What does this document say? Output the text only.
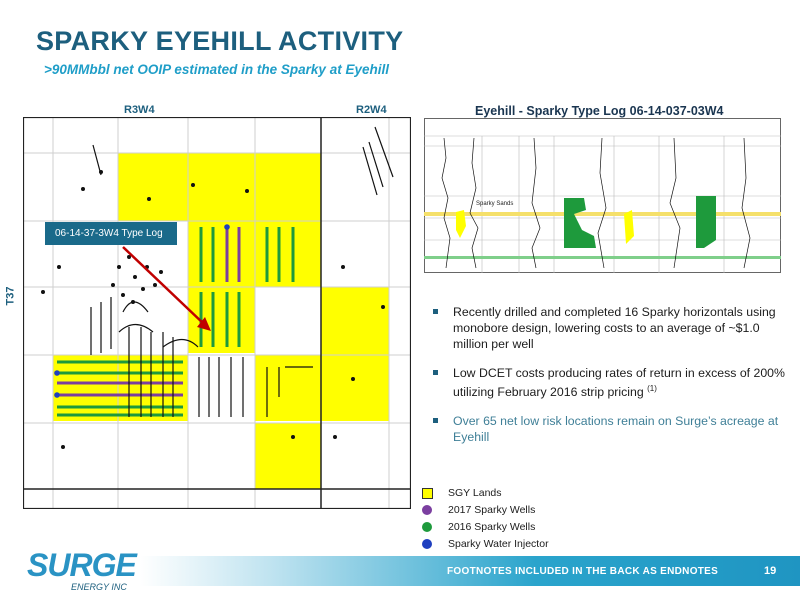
SPARKY EYEHILL ACTIVITY
>90MMbbl net OOIP estimated in the Sparky at Eyehill
R3W4	R2W4
T37
06-14-37-3W4 Type Log
Eyehill - Sparky Type Log 06-14-037-03W4
Sparky Sands
Recently drilled and completed 16 Sparky horizontals using monobore design, lowering costs to an average of ~$1.0 million per well
Low DCET costs producing rates of return in excess of 200% utilizing February 2016 strip pricing $^{(1)}$
Over 65 net low risk locations remain on Surge’s acreage at Eyehill
SGY Lands
2017 Sparky Wells
2016 Sparky Wells
Sparky Water Injector
SURGE
ENERGY INC
FOOTNOTES INCLUDED IN THE BACK AS ENDNOTES	19
